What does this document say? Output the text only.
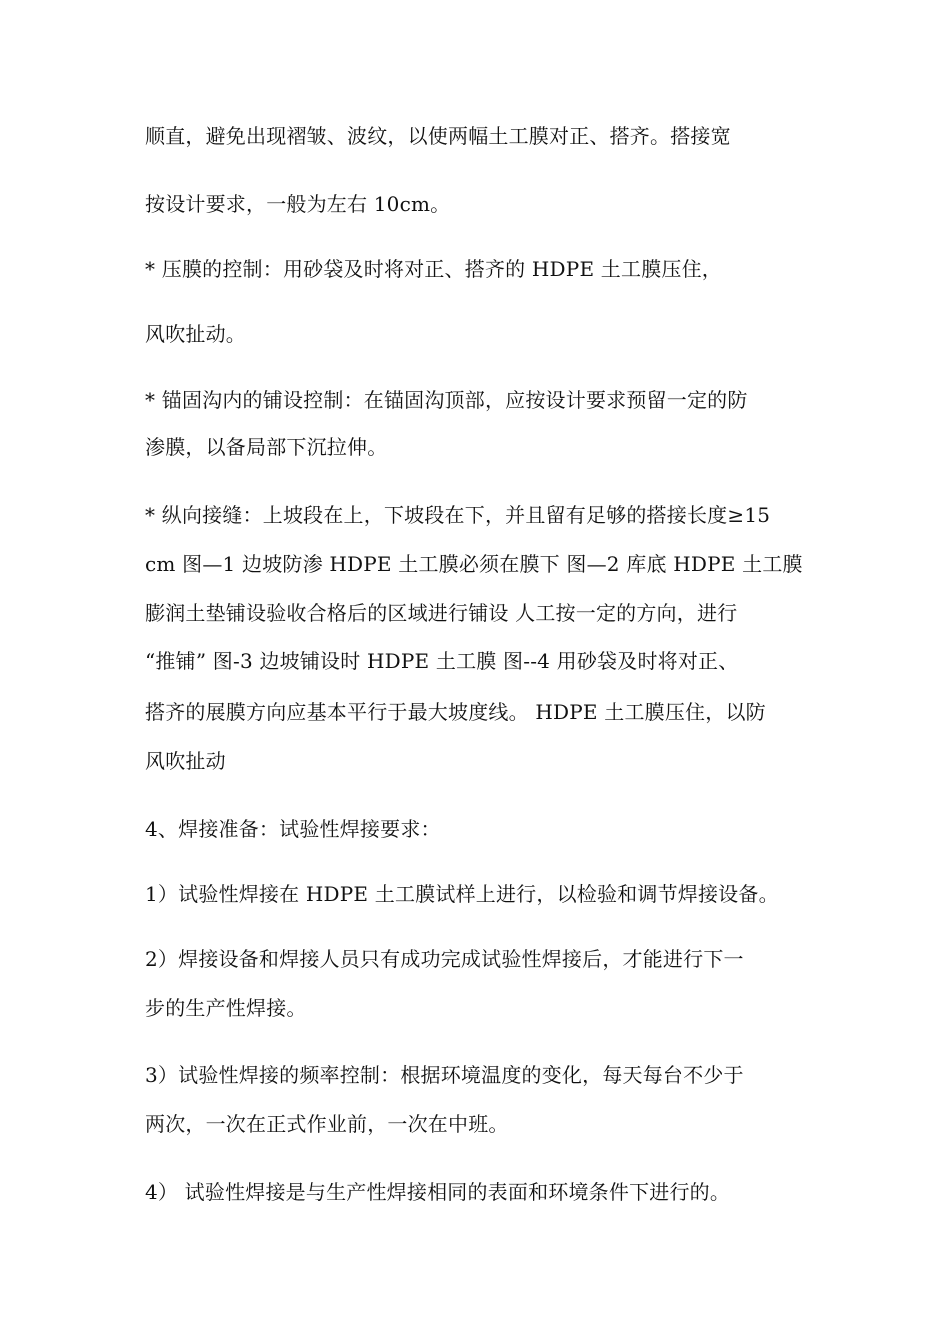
顺直，避免出现褶皱、波纹，以使两幅土工膜对正、搭齐。搭接宽
按设计要求，一般为左右 10cm。
* 压膜的控制：用砂袋及时将对正、搭齐的 HDPE 土工膜压住，
风吹扯动。
* 锚固沟内的铺设控制：在锚固沟顶部，应按设计要求预留一定的防
渗膜，以备局部下沉拉伸。
* 纵向接缝：上坡段在上，下坡段在下，并且留有足够的搭接长度≥15
cm 图—1 边坡防渗 HDPE 土工膜必须在膜下 图—2 库底 HDPE 土工膜
膨润土垫铺设验收合格后的区域进行铺设 人工按一定的方向，进行
“推铺” 图-3 边坡铺设时 HDPE 土工膜 图--4 用砂袋及时将对正、
搭齐的展膜方向应基本平行于最大坡度线。 HDPE 土工膜压住，以防
风吹扯动
4、焊接准备：试验性焊接要求：
1）试验性焊接在 HDPE 土工膜试样上进行，以检验和调节焊接设备。
2）焊接设备和焊接人员只有成功完成试验性焊接后，才能进行下一
步的生产性焊接。
3）试验性焊接的频率控制：根据环境温度的变化，每天每台不少于
两次，一次在正式作业前，一次在中班。
4） 试验性焊接是与生产性焊接相同的表面和环境条件下进行的。
